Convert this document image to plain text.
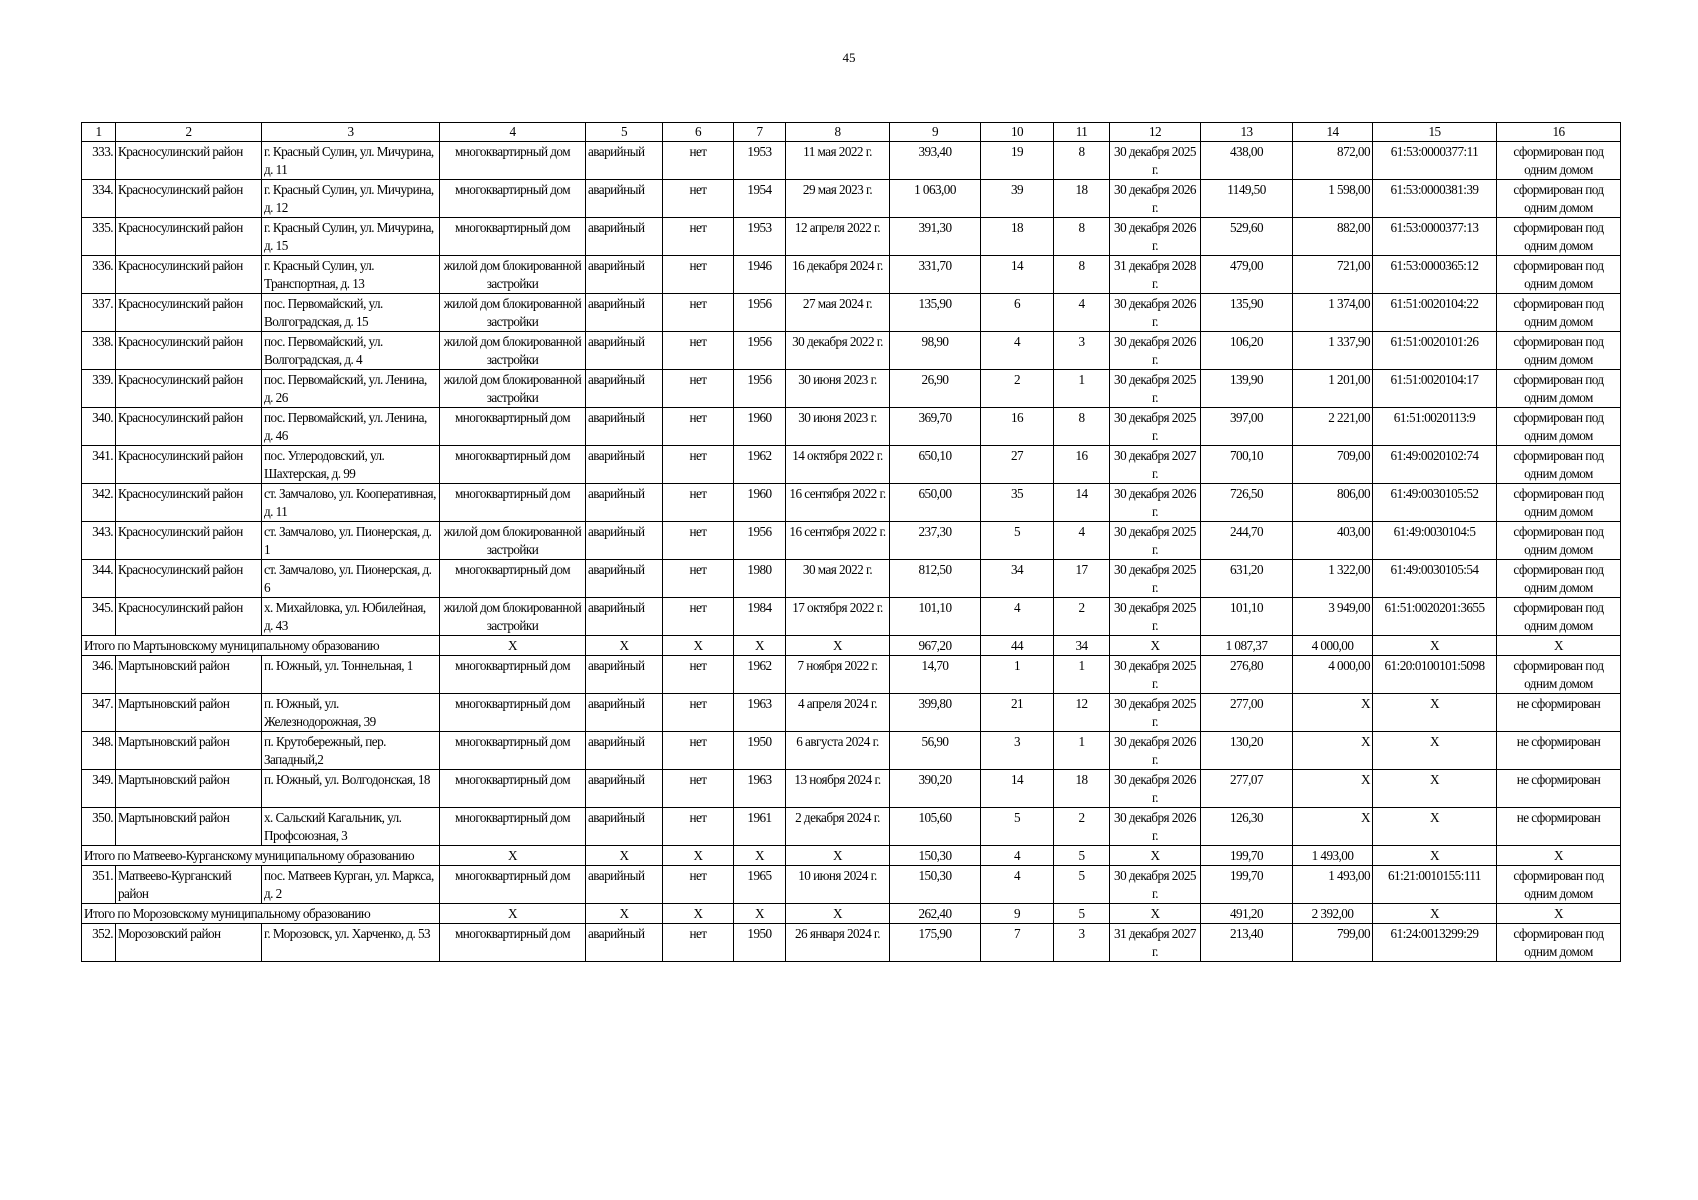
45
1	2	3	4	5	6	7	8	9	10	11	12	13	14	15	16
333.	Красносулинский район	г. Красный Сулин, ул. Мичурина, д. 11	многоквартирный дом	аварийный	нет	1953	11 мая 2022 г.	393,40	19	8	30 декабря 2025 г.	438,00	872,00	61:53:0000377:11	сформирован под одним домом
334.	Красносулинский район	г. Красный Сулин, ул. Мичурина, д. 12	многоквартирный дом	аварийный	нет	1954	29 мая 2023 г.	1 063,00	39	18	30 декабря 2026 г.	1149,50	1 598,00	61:53:0000381:39	сформирован под одним домом
335.	Красносулинский район	г. Красный Сулин, ул. Мичурина, д. 15	многоквартирный дом	аварийный	нет	1953	12 апреля 2022 г.	391,30	18	8	30 декабря 2026 г.	529,60	882,00	61:53:0000377:13	сформирован под одним домом
336.	Красносулинский район	г. Красный Сулин, ул. Транспортная, д. 13	жилой дом блокированной застройки	аварийный	нет	1946	16 декабря 2024 г.	331,70	14	8	31 декабря 2028 г.	479,00	721,00	61:53:0000365:12	сформирован под одним домом
337.	Красносулинский район	пос. Первомайский, ул. Волгоградская, д. 15	жилой дом блокированной застройки	аварийный	нет	1956	27 мая 2024 г.	135,90	6	4	30 декабря 2026 г.	135,90	1 374,00	61:51:0020104:22	сформирован под одним домом
338.	Красносулинский район	пос. Первомайский, ул. Волгоградская, д. 4	жилой дом блокированной застройки	аварийный	нет	1956	30 декабря 2022 г.	98,90	4	3	30 декабря 2026 г.	106,20	1 337,90	61:51:0020101:26	сформирован под одним домом
339.	Красносулинский район	пос. Первомайский, ул. Ленина, д. 26	жилой дом блокированной застройки	аварийный	нет	1956	30 июня 2023 г.	26,90	2	1	30 декабря 2025 г.	139,90	1 201,00	61:51:0020104:17	сформирован под одним домом
340.	Красносулинский район	пос. Первомайский, ул. Ленина, д. 46	многоквартирный дом	аварийный	нет	1960	30 июня 2023 г.	369,70	16	8	30 декабря 2025 г.	397,00	2 221,00	61:51:0020113:9	сформирован под одним домом
341.	Красносулинский район	пос. Углеродовский, ул. Шахтерская, д. 99	многоквартирный дом	аварийный	нет	1962	14 октября 2022 г.	650,10	27	16	30 декабря 2027 г.	700,10	709,00	61:49:0020102:74	сформирован под одним домом
342.	Красносулинский район	ст. Замчалово, ул. Кооперативная, д. 11	многоквартирный дом	аварийный	нет	1960	16 сентября 2022 г.	650,00	35	14	30 декабря 2026 г.	726,50	806,00	61:49:0030105:52	сформирован под одним домом
343.	Красносулинский район	ст. Замчалово, ул. Пионерская, д. 1	жилой дом блокированной застройки	аварийный	нет	1956	16 сентября 2022 г.	237,30	5	4	30 декабря 2025 г.	244,70	403,00	61:49:0030104:5	сформирован под одним домом
344.	Красносулинский район	ст. Замчалово, ул. Пионерская, д. 6	многоквартирный дом	аварийный	нет	1980	30 мая 2022 г.	812,50	34	17	30 декабря 2025 г.	631,20	1 322,00	61:49:0030105:54	сформирован под одним домом
345.	Красносулинский район	х. Михайловка, ул. Юбилейная, д. 43	жилой дом блокированной застройки	аварийный	нет	1984	17 октября 2022 г.	101,10	4	2	30 декабря 2025 г.	101,10	3 949,00	61:51:0020201:3655	сформирован под одним домом
Итого по Мартыновскому муниципальному образованию			Х	Х	Х	Х	Х	967,20	44	34	Х	1 087,37	4 000,00	Х	Х
346.	Мартыновский район	п. Южный, ул. Тоннельная, 1	многоквартирный дом	аварийный	нет	1962	7 ноября 2022 г.	14,70	1	1	30 декабря 2025 г.	276,80	4 000,00	61:20:0100101:5098	сформирован под одним домом
347.	Мартыновский район	п. Южный, ул. Железнодорожная, 39	многоквартирный дом	аварийный	нет	1963	4 апреля 2024 г.	399,80	21	12	30 декабря 2025 г.	277,00	Х	Х	не сформирован
348.	Мартыновский район	п. Крутобережный, пер. Западный,2	многоквартирный дом	аварийный	нет	1950	6 августа 2024 г.	56,90	3	1	30 декабря 2026 г.	130,20	Х	Х	не сформирован
349.	Мартыновский район	п. Южный, ул. Волгодонская, 18	многоквартирный дом	аварийный	нет	1963	13 ноября 2024 г.	390,20	14	18	30 декабря 2026 г.	277,07	Х	Х	не сформирован
350.	Мартыновский район	х. Сальский Кагальник, ул. Профсоюзная, 3	многоквартирный дом	аварийный	нет	1961	2 декабря 2024 г.	105,60	5	2	30 декабря 2026 г.	126,30	Х	Х	не сформирован
Итого по Матвеево-Курганскому муниципальному образованию			Х	Х	Х	Х	Х	150,30	4	5	Х	199,70	1 493,00	Х	Х
351.	Матвеево-Курганский район	пос. Матвеев Курган, ул. Маркса, д. 2	многоквартирный дом	аварийный	нет	1965	10 июня 2024 г.	150,30	4	5	30 декабря 2025 г.	199,70	1 493,00	61:21:0010155:111	сформирован под одним домом
Итого по Морозовскому муниципальному образованию			Х	Х	Х	Х	Х	262,40	9	5	Х	491,20	2 392,00	Х	Х
352.	Морозовский район	г. Морозовск, ул. Харченко, д. 53	многоквартирный дом	аварийный	нет	1950	26 января 2024 г.	175,90	7	3	31 декабря 2027 г.	213,40	799,00	61:24:0013299:29	сформирован под одним домом
